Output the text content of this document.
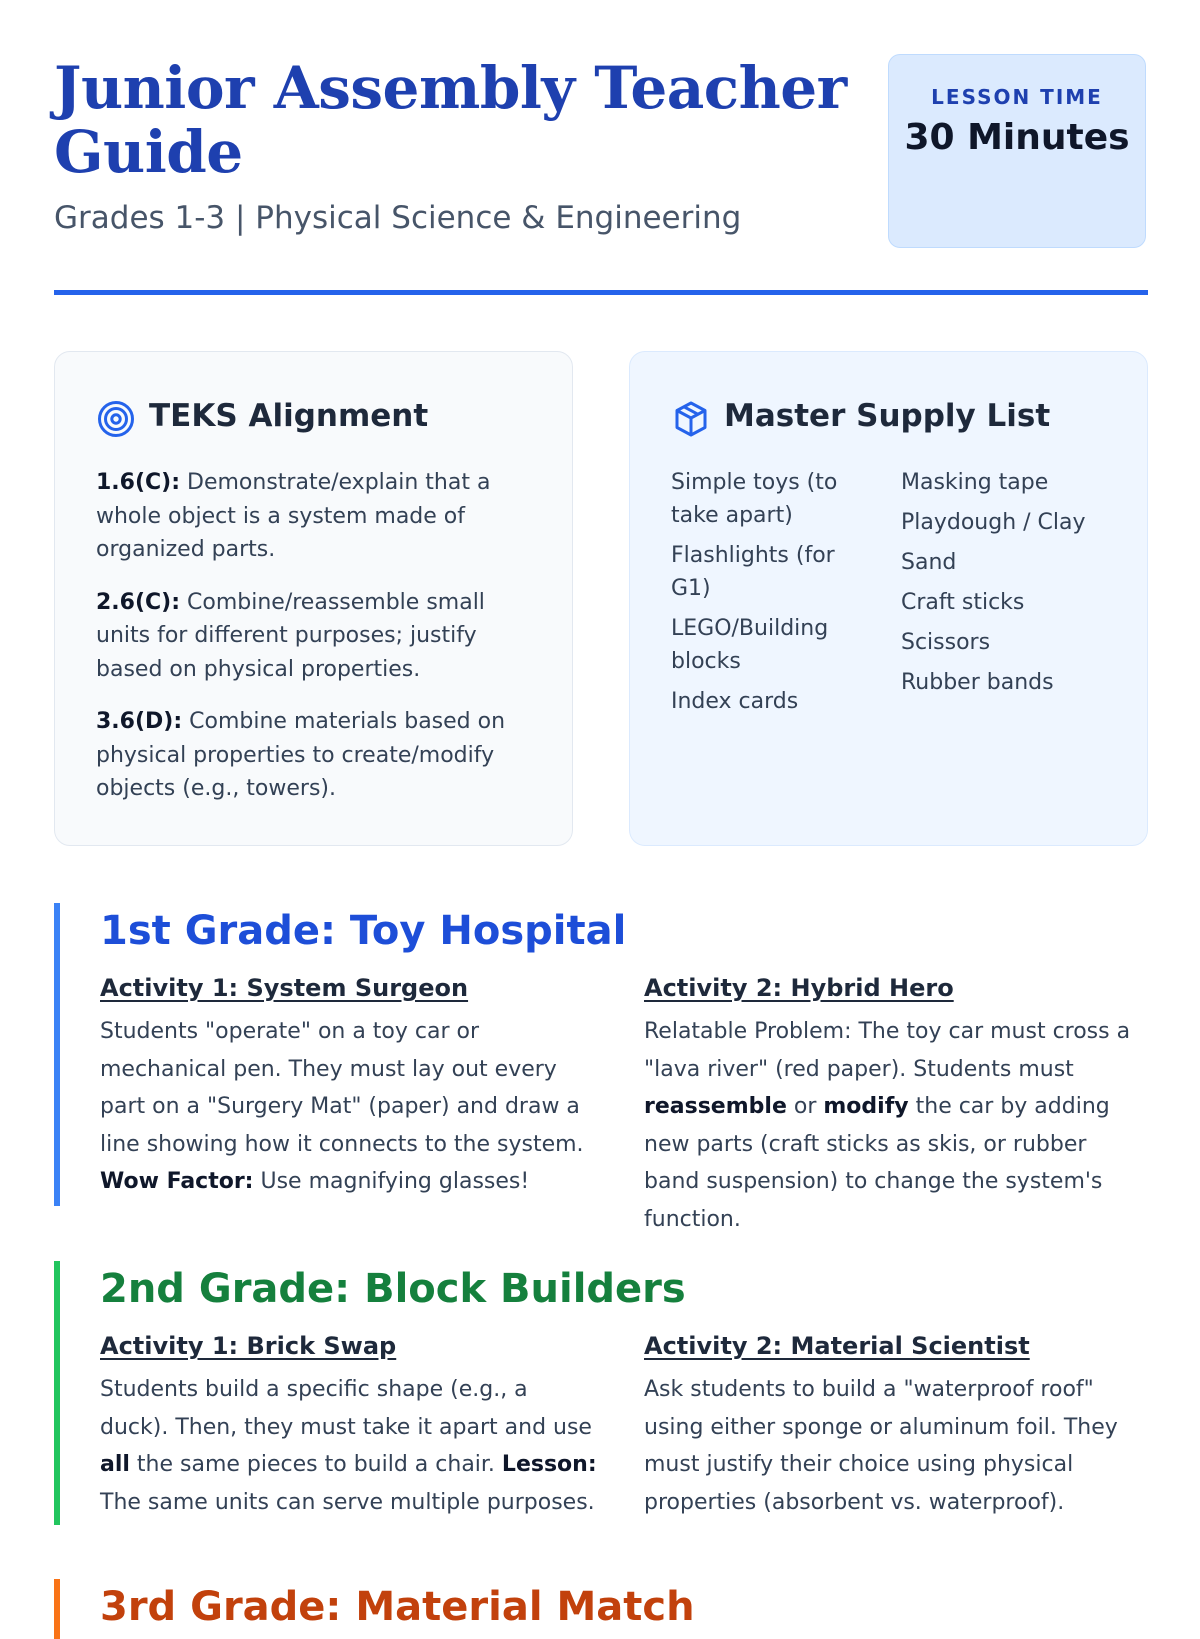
Junior Assembly Teacher Guide
Grades 1-3 | Physical Science & Engineering
LESSON TIME
30 Minutes
TEKS Alignment
1.6(C): Demonstrate/explain that a whole object is a system made of organized parts.
2.6(C): Combine/reassemble small units for different purposes; justify based on physical properties.
3.6(D): Combine materials based on physical properties to create/modify objects (e.g., towers).
Master Supply List
Simple toys (to take apart)
Flashlights (for G1)
LEGO/Building blocks
Index cards
Masking tape
Playdough / Clay
Sand
Craft sticks
Scissors
Rubber bands
1st Grade: Toy Hospital
Activity 1: System Surgeon
Students "operate" on a toy car or mechanical pen. They must lay out every part on a "Surgery Mat" (paper) and draw a line showing how it connects to the system. Wow Factor: Use magnifying glasses!
Activity 2: Hybrid Hero
Relatable Problem: The toy car must cross a "lava river" (red paper). Students must reassemble or modify the car by adding new parts (craft sticks as skis, or rubber band suspension) to change the system's function.
2nd Grade: Block Builders
Activity 1: Brick Swap
Students build a specific shape (e.g., a duck). Then, they must take it apart and use all the same pieces to build a chair. Lesson: The same units can serve multiple purposes.
Activity 2: Material Scientist
Ask students to build a "waterproof roof" using either sponge or aluminum foil. They must justify their choice using physical properties (absorbent vs. waterproof).
3rd Grade: Material Match
